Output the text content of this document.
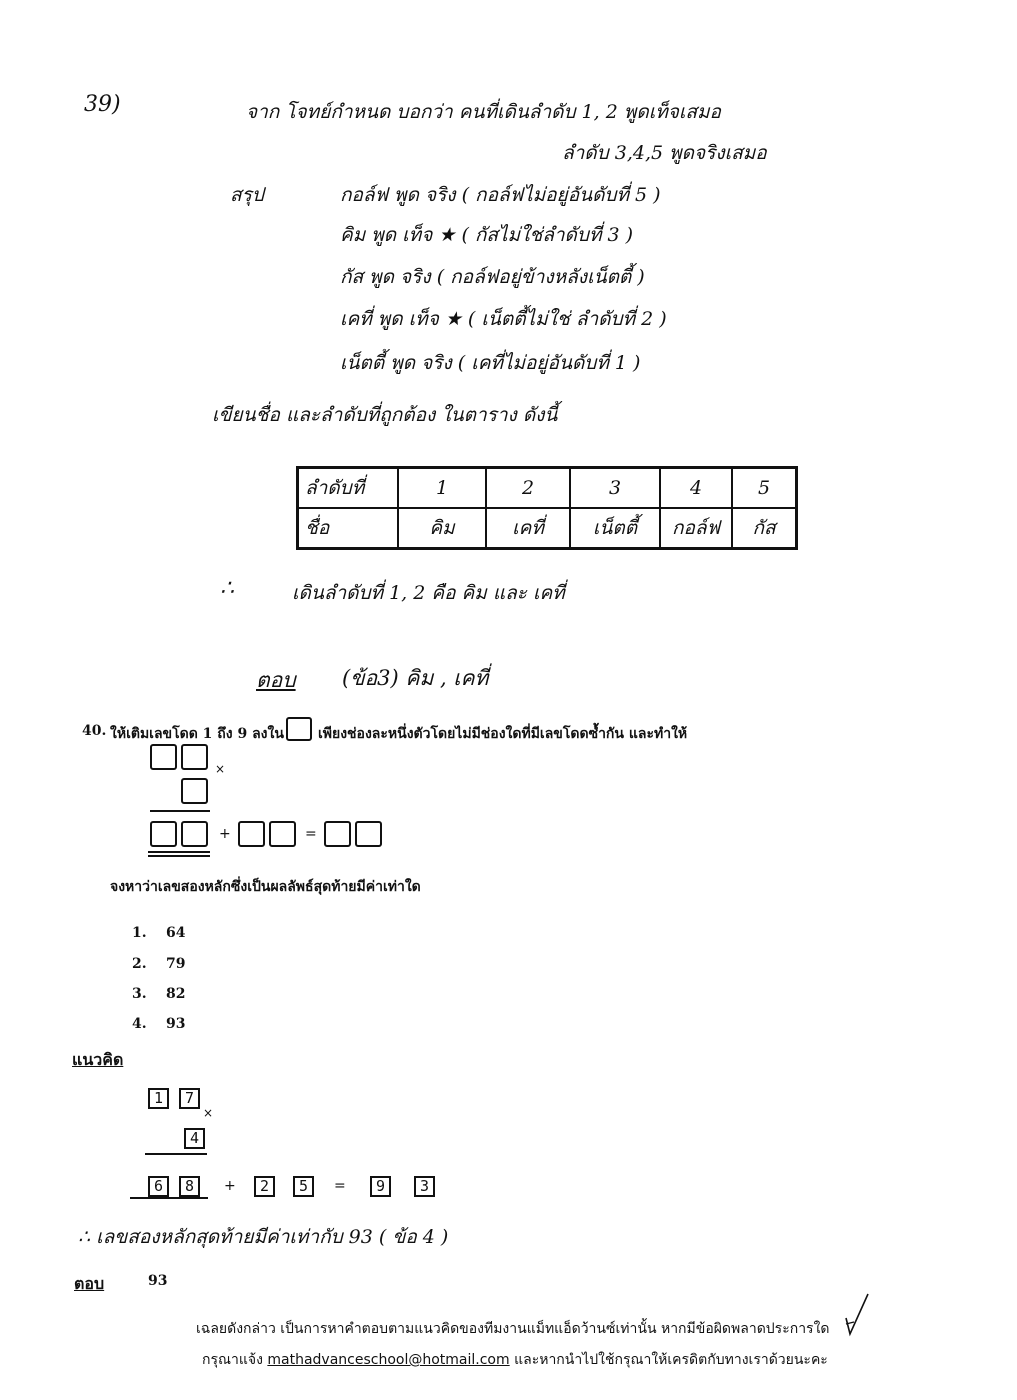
39)	จาก โจทย์กำหนด บอกว่า คนที่เดินลำดับ 1, 2 พูดเท็จเสมอ
ลำดับ 3,4,5 พูดจริงเสมอ
สรุป	กอล์ฟ พูด จริง ( กอล์ฟไม่อยู่อันดับที่ 5 )
คิม พูด เท็จ ★ ( กัสไม่ใช่ลำดับที่ 3 )
กัส พูด จริง ( กอล์ฟอยู่ข้างหลังเน็ตตี้ )
เคที่ พูด เท็จ ★ ( เน็ตตี้ไม่ใช่ ลำดับที่ 2 )
เน็ตตี้ พูด จริง ( เคที่ไม่อยู่อันดับที่ 1 )
เขียนชื่อ และลำดับที่ถูกต้อง ในตาราง ดังนี้
ลำดับที่	1	2	3	4	5
ชื่อ	คิม	เคที่	เน็ตตี้	กอล์ฟ	กัส
∴	เดินลำดับที่ 1, 2 คือ คิม และ เคที่
ตอบ (ข้อ3) คิม , เคที่
40. ให้เติมเลขโดด 1 ถึง 9 ลงใน เพียงช่องละหนึ่งตัวโดยไม่มีช่องใดที่มีเลขโดดซ้ำกัน และทำให้
×
+	=
จงหาว่าเลขสองหลักซึ่งเป็นผลลัพธ์สุดท้ายมีค่าเท่าใด
1. 64
2. 79
3. 82
4. 93
แนวคิด
1	7
×
4
6	8	+	2	5	=	9	3
∴ เลขสองหลักสุดท้ายมีค่าเท่ากับ 93 ( ข้อ 4 )
ตอบ	93
เฉลยดังกล่าว เป็นการหาคำตอบตามแนวคิดของทีมงานแม็ทแอ็ดว้านซ์เท่านั้น หากมีข้อผิดพลาดประการใด
กรุณาแจ้ง mathadvanceschool@hotmail.com และหากนำไปใช้กรุณาให้เครดิตกับทางเราด้วยนะคะ
